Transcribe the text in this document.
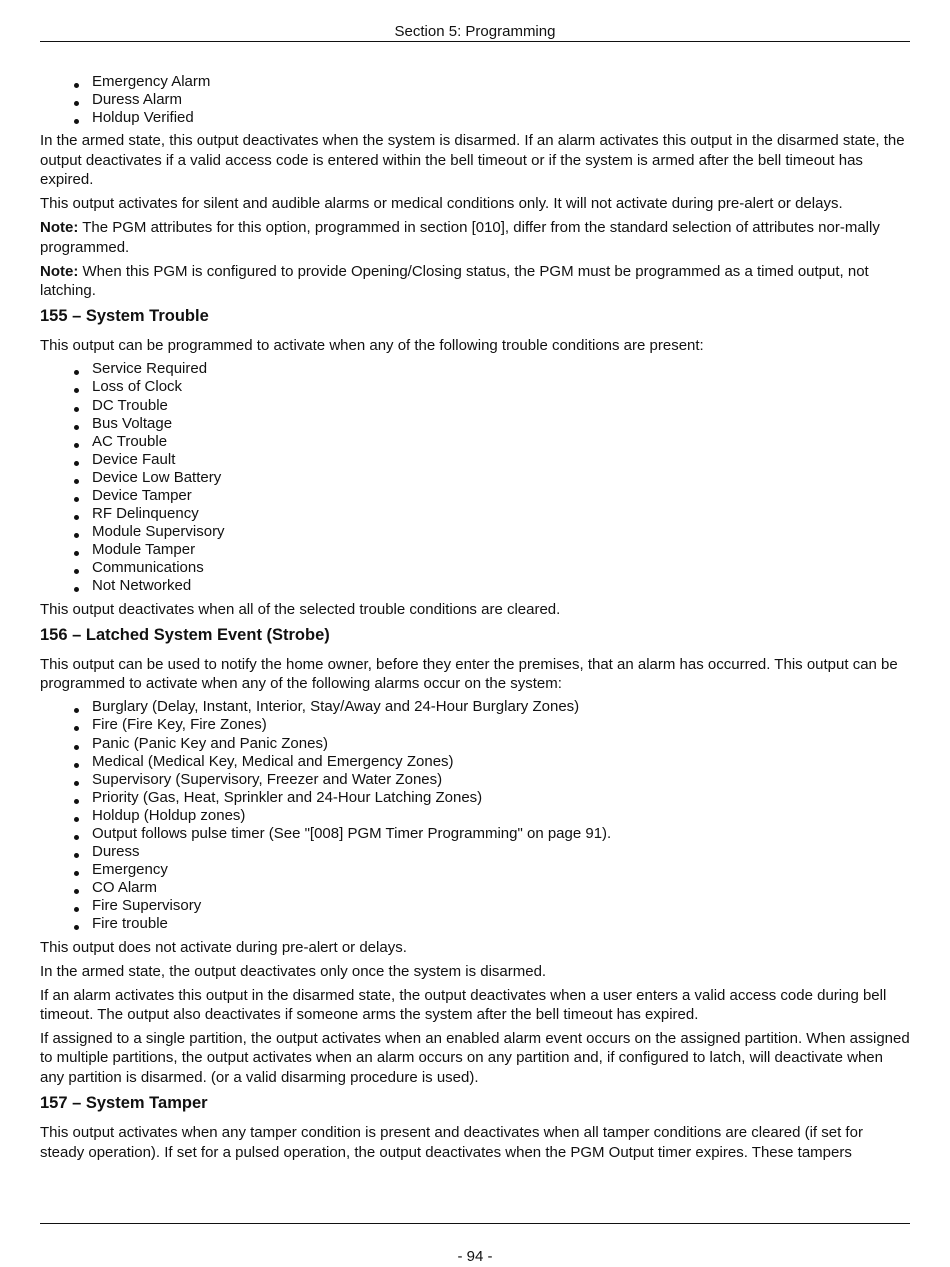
Section 5: Programming
Emergency Alarm
Duress Alarm
Holdup Verified

In the armed state, this output deactivates when the system is disarmed. If an alarm activates this output in the disarmed state, the output deactivates if a valid access code is entered within the bell timeout or if the system is armed after the bell timeout has expired.

This output activates for silent and audible alarms or medical conditions only. It will not activate during pre-alert or delays.

Note: The PGM attributes for this option, programmed in section [010], differ from the standard selection of attributes nor-mally programmed.

Note: When this PGM is configured to provide Opening/Closing status, the PGM must be programmed as a timed output, not latching.

155 – System Trouble

This output can be programmed to activate when any of the following trouble conditions are present:

Service Required
Loss of Clock
DC Trouble
Bus Voltage
AC Trouble
Device Fault
Device Low Battery
Device Tamper
RF Delinquency
Module Supervisory
Module Tamper
Communications
Not Networked

This output deactivates when all of the selected trouble conditions are cleared.

156 – Latched System Event (Strobe)

This output can be used to notify the home owner, before they enter the premises, that an alarm has occurred. This output can be programmed to activate when any of the following alarms occur on the system:

Burglary (Delay, Instant, Interior, Stay/Away and 24-Hour Burglary Zones)
Fire (Fire Key, Fire Zones)
Panic (Panic Key and Panic Zones)
Medical (Medical Key, Medical and Emergency Zones)
Supervisory (Supervisory, Freezer and Water Zones)
Priority (Gas, Heat, Sprinkler and 24-Hour Latching Zones)
Holdup (Holdup zones)
Output follows pulse timer (See "[008] PGM Timer Programming" on page 91).
Duress
Emergency
CO Alarm
Fire Supervisory
Fire trouble

This output does not activate during pre-alert or delays.

In the armed state, the output deactivates only once the system is disarmed.

If an alarm activates this output in the disarmed state, the output deactivates when a user enters a valid access code during bell timeout. The output also deactivates if someone arms the system after the bell timeout has expired.

If assigned to a single partition, the output activates when an enabled alarm event occurs on the assigned partition. When assigned to multiple partitions, the output activates when an alarm occurs on any partition and, if configured to latch, will deactivate when any partition is disarmed. (or a valid disarming procedure is used).

157 – System Tamper

This output activates when any tamper condition is present and deactivates when all tamper conditions are cleared (if set for steady operation). If set for a pulsed operation, the output deactivates when the PGM Output timer expires. These tampers

- 94 -
